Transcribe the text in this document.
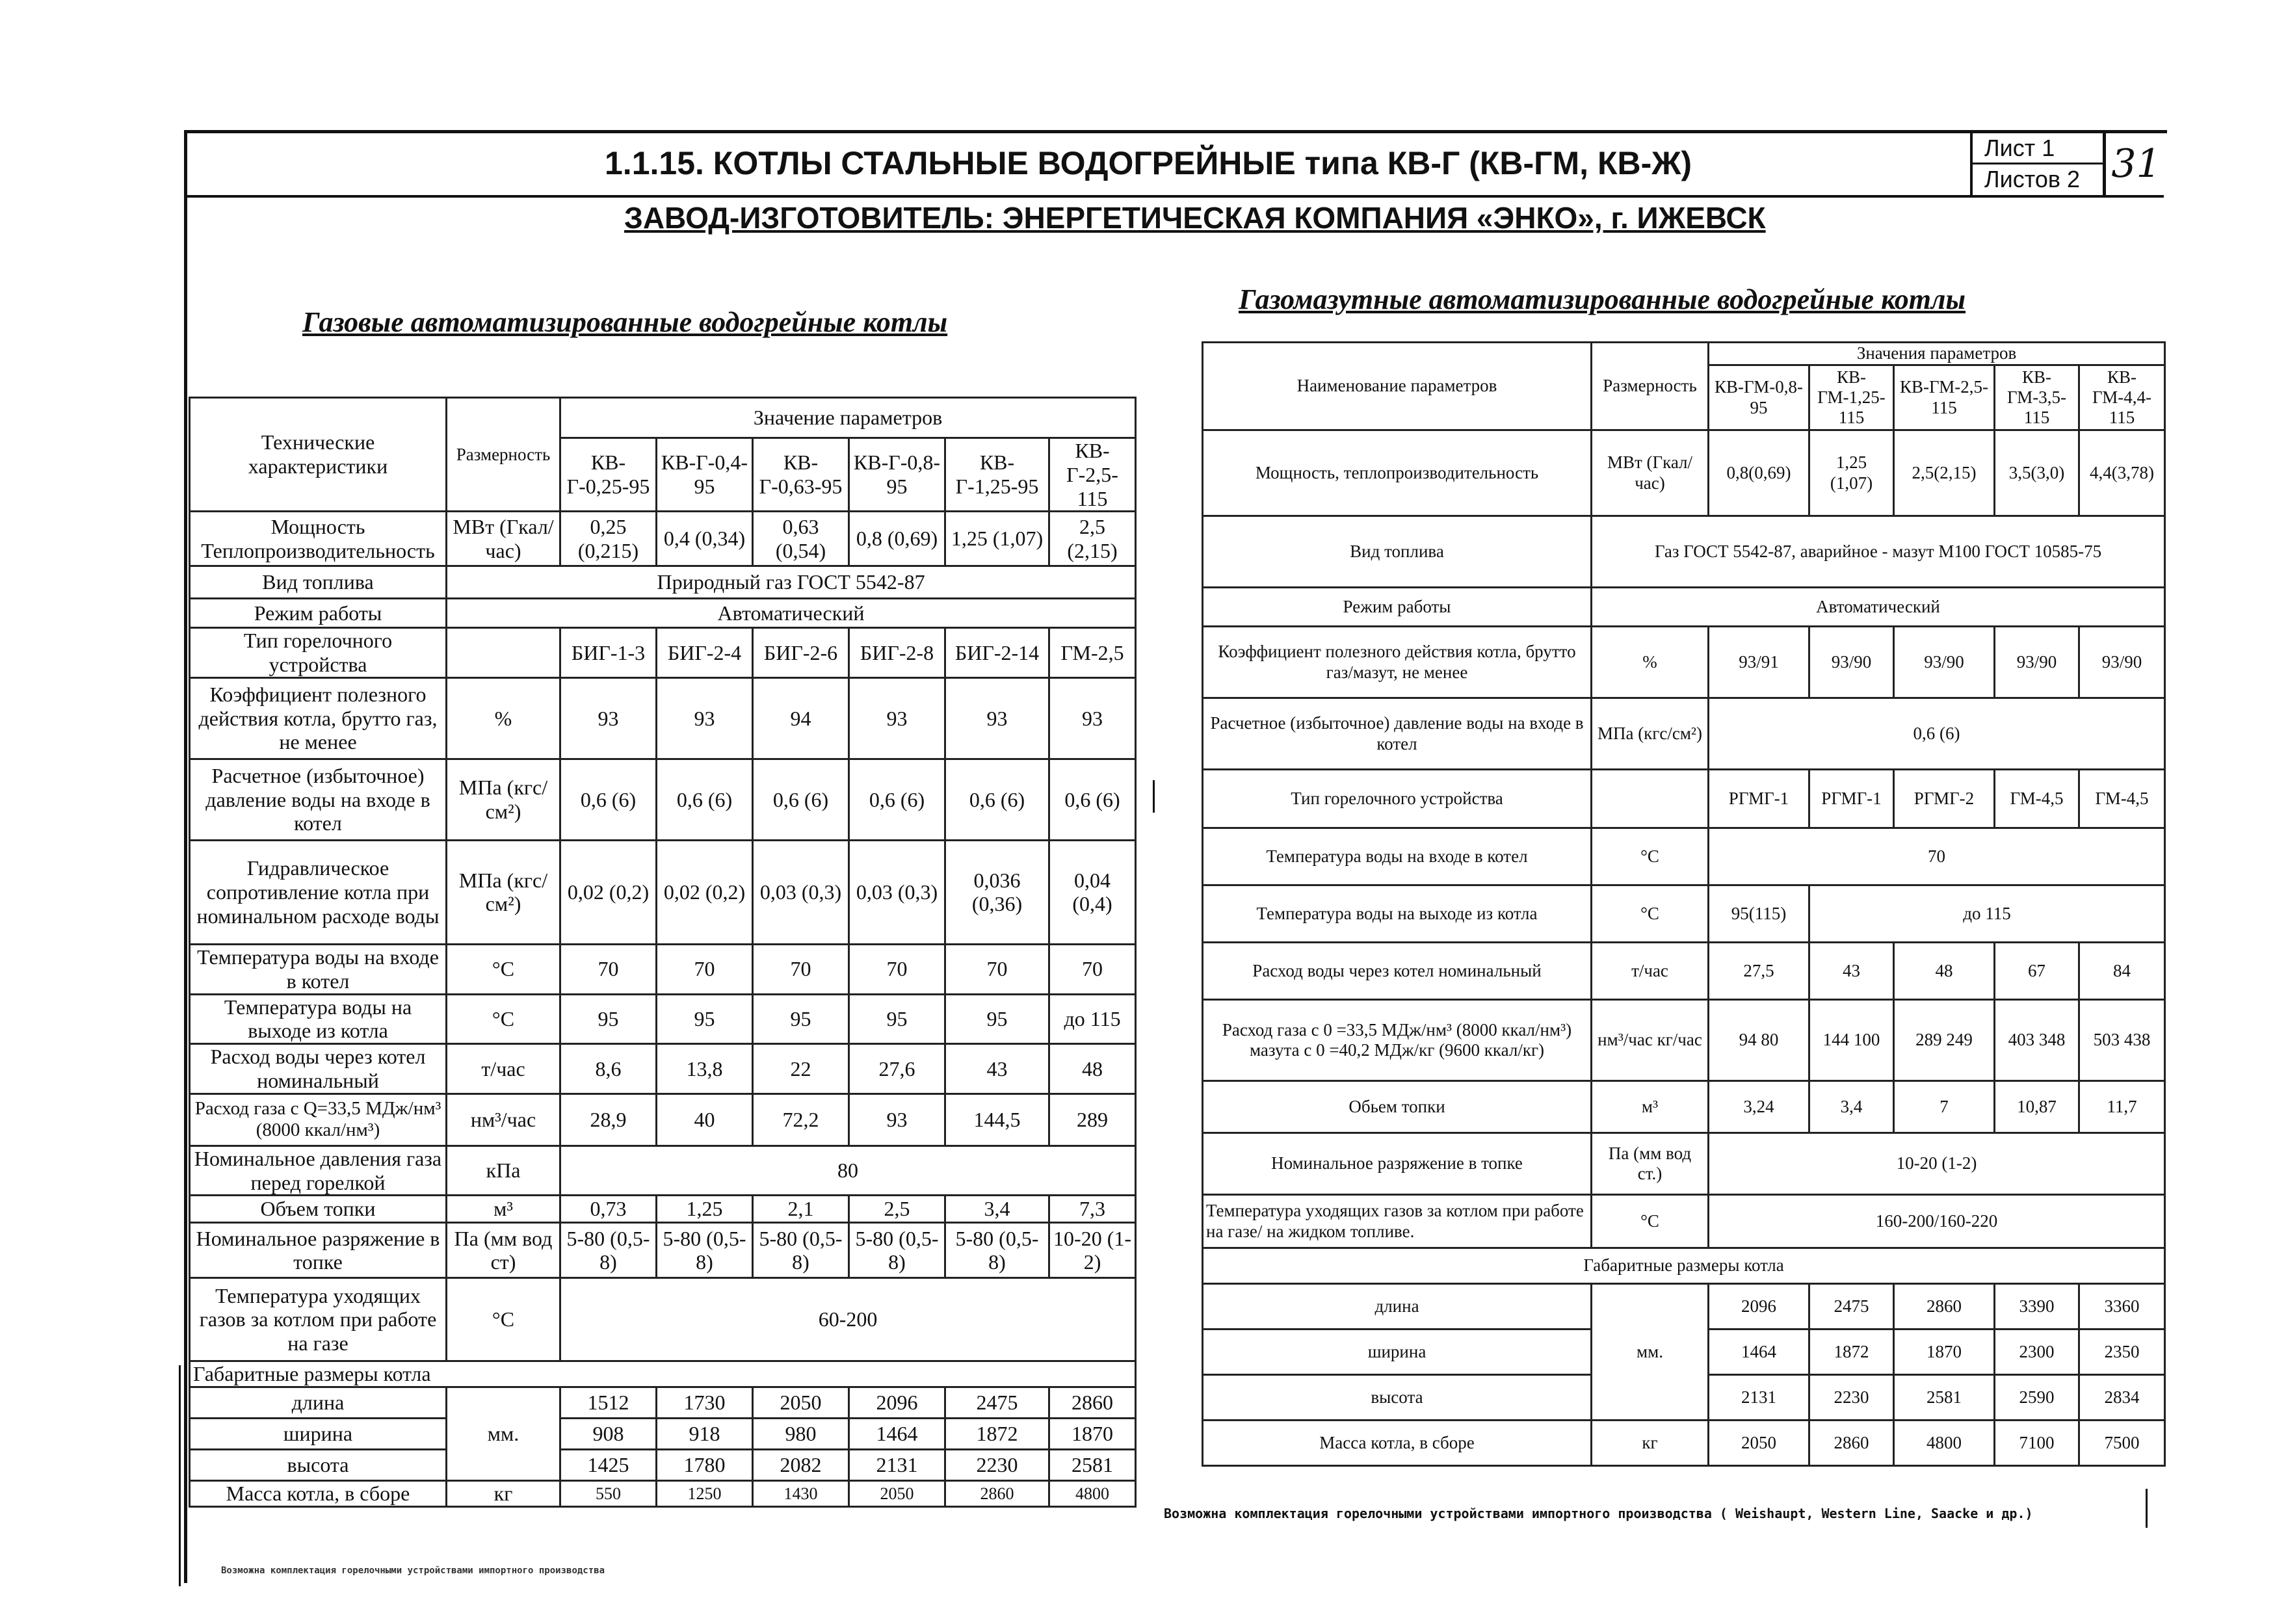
1.1.15. КОТЛЫ СТАЛЬНЫЕ ВОДОГРЕЙНЫЕ типа КВ-Г (КВ-ГМ, КВ-Ж)	Лист 1
Листов 2 31
ЗАВОД-ИЗГОТОВИТЕЛЬ: ЭНЕРГЕТИЧЕСКАЯ КОМПАНИЯ «ЭНКО», г. ИЖЕВСК
Газовые автоматизированные водогрейные котлы
Газомазутные автоматизированные водогрейные котлы
Технические характеристики	Размерность	Значение параметров					
		КВ-Г-0,25-95	КВ-Г-0,4-95	КВ-Г-0,63-95	КВ-Г-0,8-95	КВ-Г-1,25-95	КВ-Г-2,5-115
Мощность Теплопроизводительность	МВт (Гкал/час)	0,25 (0,215)	0,4 (0,34)	0,63 (0,54)	0,8 (0,69)	1,25 (1,07)	2,5 (2,15)
Вид топлива	Природный газ ГОСТ 5542-87						
Режим работы	Автоматический						
Тип горелочного устройства		БИГ-1-3	БИГ-2-4	БИГ-2-6	БИГ-2-8	БИГ-2-14	ГМ-2,5
Коэффициент полезного действия котла, брутто газ, не менее	%	93	93	94	93	93	93
Расчетное (избыточное) давление воды на входе в котел	МПа (кгс/см²)	0,6 (6)	0,6 (6)	0,6 (6)	0,6 (6)	0,6 (6)	0,6 (6)
Гидравлическое сопротивление котла при номинальном расходе воды	МПа (кгс/см²)	0,02 (0,2)	0,02 (0,2)	0,03 (0,3)	0,03 (0,3)	0,036 (0,36)	0,04 (0,4)
Температура воды на входе в котел	°С	70	70	70	70	70	70
Температура воды на выходе из котла	°С	95	95	95	95	95	до 115
Расход воды через котел номинальный	т/час	8,6	13,8	22	27,6	43	48
Расход газа с Q=33,5 МДж/нм³ (8000 ккал/нм³)	нм³/час	28,9	40	72,2	93	144,5	289
Номинальное давления газа перед горелкой	кПа	80					
Объем топки	м³	0,73	1,25	2,1	2,5	3,4	7,3
Номинальное разряжение в топке	Па (мм вод ст)	5-80 (0,5-8)	5-80 (0,5-8)	5-80 (0,5-8)	5-80 (0,5-8)	5-80 (0,5-8)	10-20 (1-2)
Температура уходящих газов за котлом при работе на газе	°С	60-200					
Габаритные размеры котла							
длина	мм.	1512	1730	2050	2096	2475	2860
ширина		908	918	980	1464	1872	1870
высота		1425	1780	2082	2131	2230	2581
Масса котла, в сборе	кг	550	1250	1430	2050	2860	4800
Возможна комплектация горелочными устройствами импортного производства
Наименование параметров	Размерность	Значения параметров				
		КВ-ГМ-0,8-95	КВ-ГМ-1,25-115	КВ-ГМ-2,5-115	КВ-ГМ-3,5-115	КВ-ГМ-4,4-115
Мощность, теплопроизводительность	МВт (Гкал/час)	0,8(0,69)	1,25 (1,07)	2,5(2,15)	3,5(3,0)	4,4(3,78)
Вид топлива	Газ ГОСТ 5542-87, аварийное - мазут М100 ГОСТ 10585-75					
Режим работы	Автоматический					
Коэффициент полезного действия котла, брутто газ/мазут, не менее	%	93/91	93/90	93/90	93/90	93/90
Расчетное (избыточное) давление воды на входе в котел	МПа (кгс/см²)	0,6 (6)				
Тип горелочного устройства		РГМГ-1	РГМГ-1	РГМГ-2	ГМ-4,5	ГМ-4,5
Температура воды на входе в котел	°С	70				
Температура воды на выходе из котла	°С	95(115)	до 115			
Расход воды через котел номинальный	т/час	27,5	43	48	67	84
Расход газа с 0 =33,5 МДж/нм³ (8000 ккал/нм³) мазута с 0 =40,2 МДж/кг (9600 ккал/кг)	нм³/час кг/час	94 80	144 100	289 249	403 348	503 438
Обьем топки	м³	3,24	3,4	7	10,87	11,7
Номинальное разряжение в топке	Па (мм вод ст.)	10-20 (1-2)				
Температура уходящих газов за котлом при работе на газе/ на жидком топливе.	°С	160-200/160-220				
Габаритные размеры котла						
длина	мм.	2096	2475	2860	3390	3360
ширина		1464	1872	1870	2300	2350
высота		2131	2230	2581	2590	2834
Масса котла, в сборе	кг	2050	2860	4800	7100	7500
Возможна комплектация горелочными устройствами импортного производства ( Weishaupt, Western Line, Saacke и др.)
